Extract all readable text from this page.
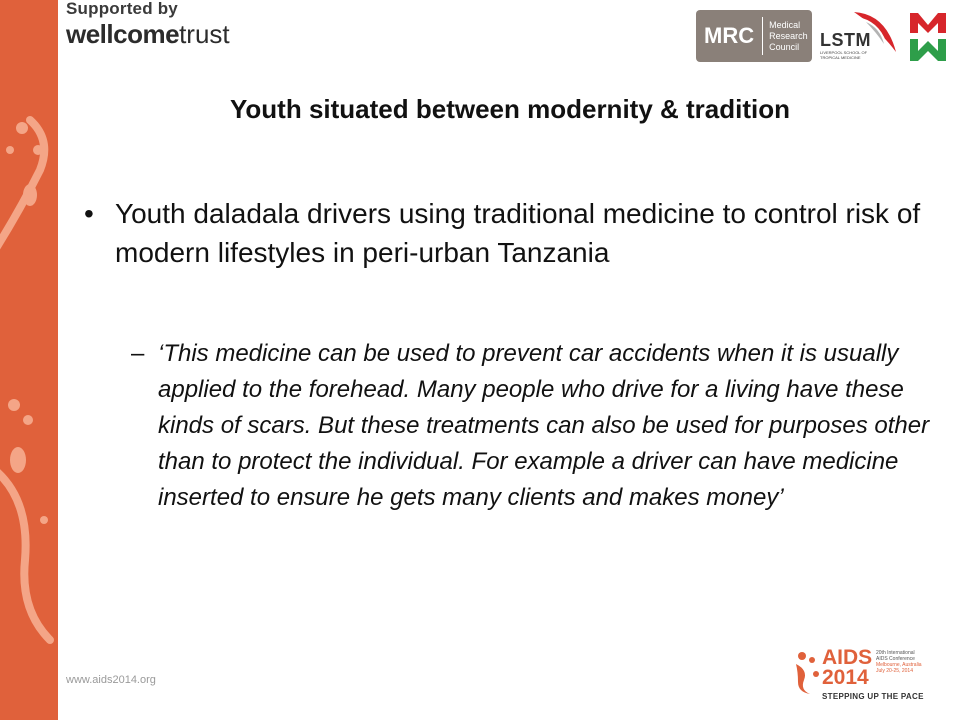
Supported by
wellcometrust	MRC	Medical
Research
Council	LSTM
LIVERPOOL SCHOOL OF
TROPICAL MEDICINE
Youth situated between modernity & tradition
• Youth daladala drivers using traditional medicine to control risk of modern lifestyles in peri-urban Tanzania
– ‘This medicine can be used to prevent car accidents when it is usually applied to the forehead. Many people who drive for a living have these kinds of scars. But these treatments can also be used for purposes other than to protect the individual. For example a driver can have medicine inserted to ensure he gets many clients and makes money’
www.aids2014.org
AIDS
2014
20th International
AIDS Conference
Melbourne, Australia
July 20-25, 2014
STEPPING UP THE PACE
